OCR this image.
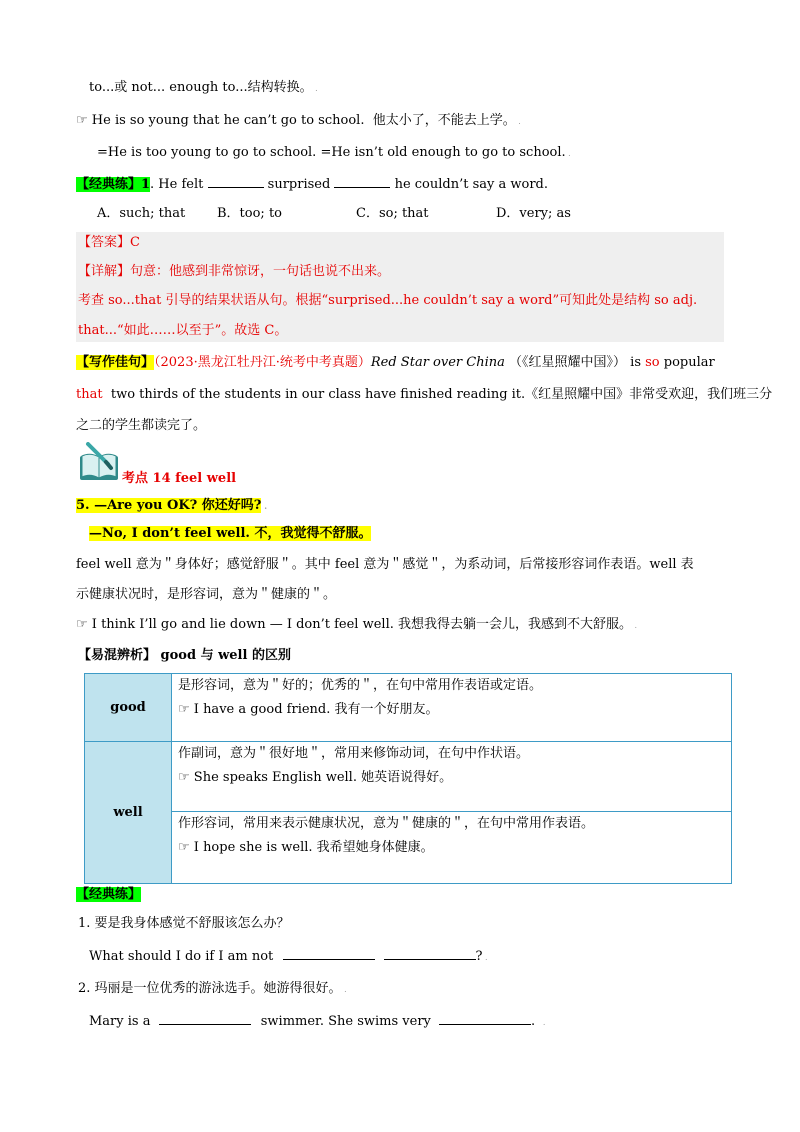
to...或 not... enough to...结构转换。 .
☞ He is so young that he can’t go to school. 他太小了，不能去上学。 .
=He is too young to go to school. =He isn’t old enough to go to school. .
【经典练】1. He felt	surprised	he couldn’t say a word.
A．such; that B．too; to	C．so; that	D．very; as
【答案】C
【详解】句意：他感到非常惊讶，一句话也说不出来。
考查 so...that 引导的结果状语从句。根据“surprised...he couldn’t say a word”可知此处是结构 so adj.
that...“如此……以至于”。故选 C。
【写作佳句】（2023·黑龙江牡丹江·统考中考真题）Red Star over China （《红星照耀中国》） is so popular
that two thirds of the students in our class have finished reading it.《红星照耀中国》非常受欢迎，我们班三分
之二的学生都读完了。
考点 14 feel well
5. —Are you OK? 你还好吗? .
—No, I don’t feel well. 不，我觉得不舒服。
feel well 意为＂身体好；感觉舒服＂。其中 feel 意为＂感觉＂，为系动词，后常接形容词作表语。well 表
示健康状况时，是形容词，意为＂健康的＂。
☞ I think I’ll go and lie down — I don’t feel well. 我想我得去躺一会儿，我感到不大舒服。 .
【易混辨析】 good 与 well 的区别
good	是形容词，意为＂好的；优秀的＂，在句中常用作表语或定语。
☞ I have a good friend. 我有一个好朋友。

well	作副词，意为＂很好地＂，常用来修饰动词，在句中作状语。
☞ She speaks English well. 她英语说得好。

	作形容词，常用来表示健康状况，意为＂健康的＂，在句中常用作表语。
☞ I hope she is well. 我希望她身体健康。
【经典练】
1. 要是我身体感觉不舒服该怎么办？
What should I do if I am not	? .
2. 玛丽是一位优秀的游泳选手。她游得很好。 .
Mary is a	swimmer. She swims very	.   .
